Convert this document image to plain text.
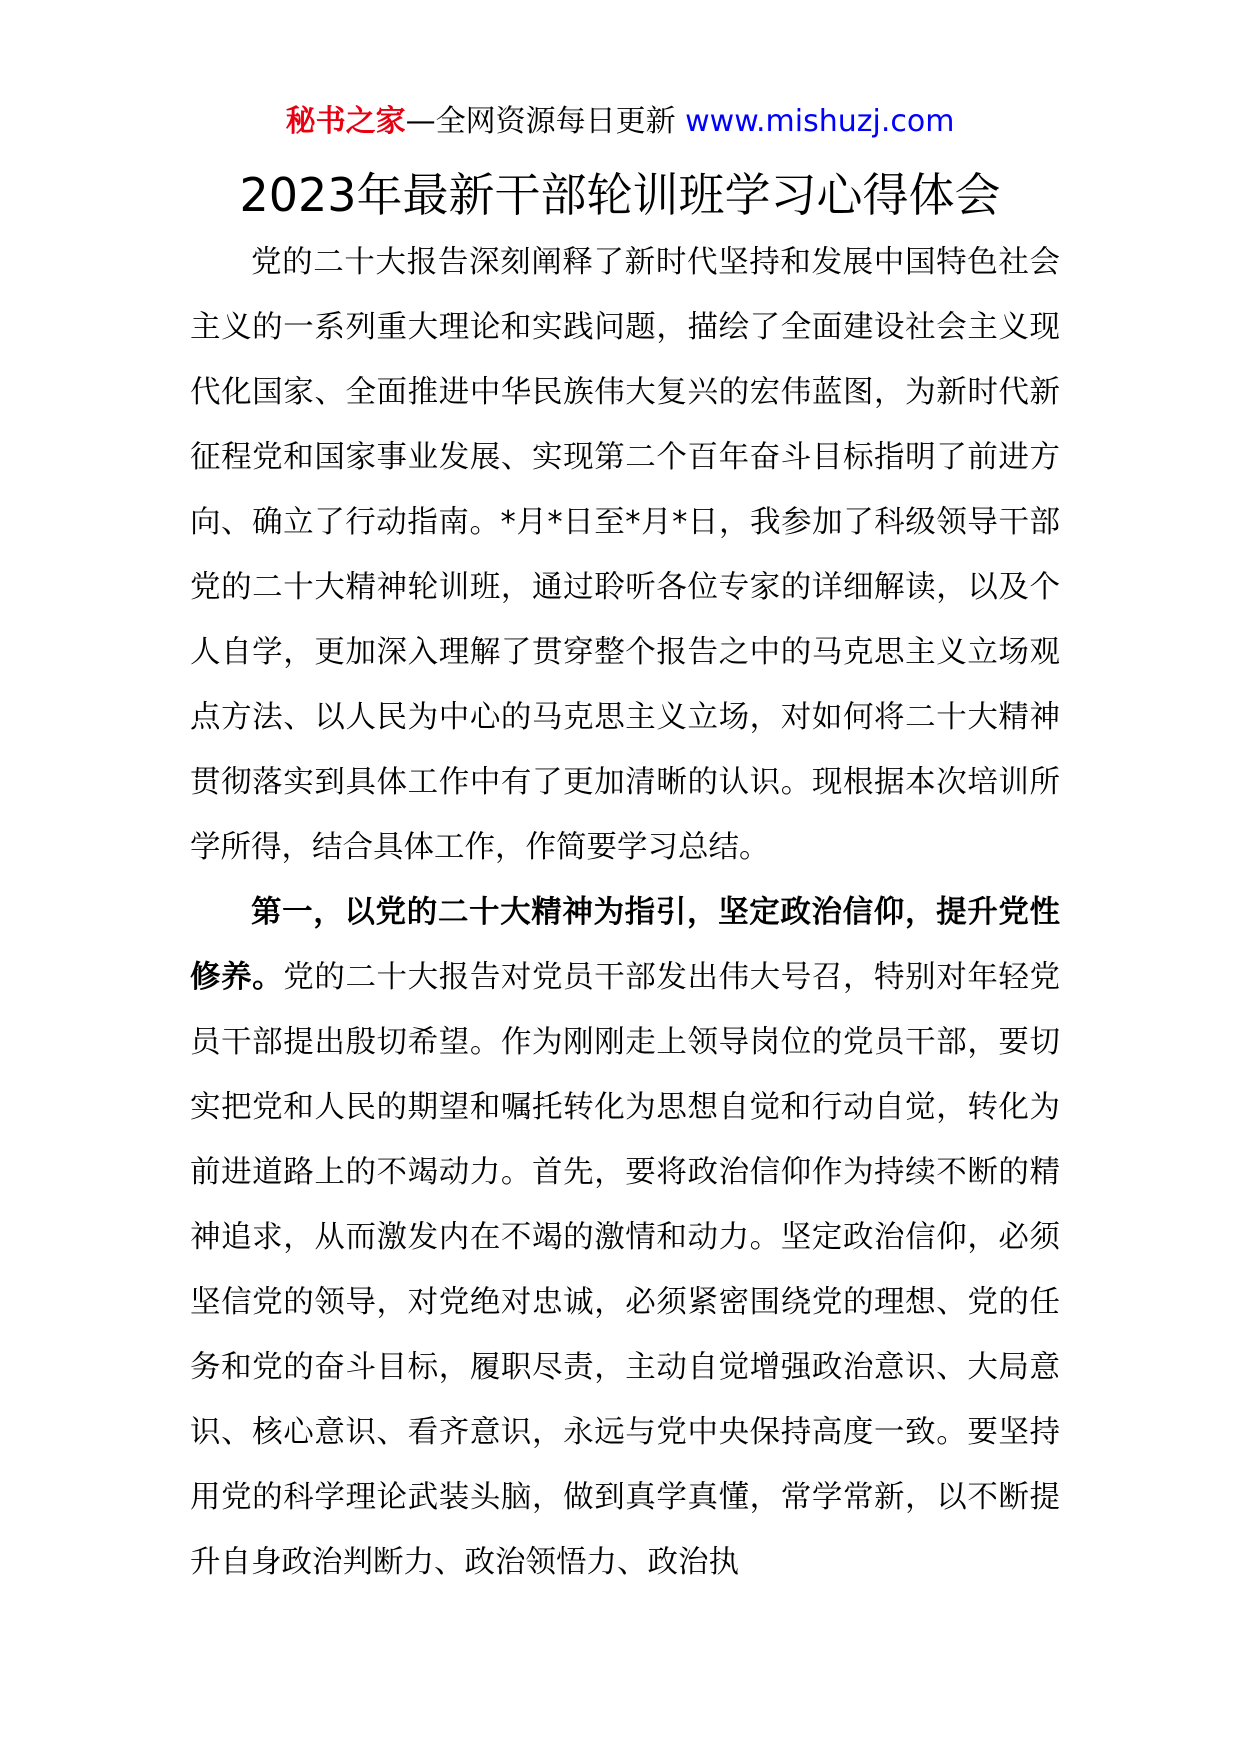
秘书之家—全网资源每日更新 www.mishuzj.com
2023年最新干部轮训班学习心得体会

党的二十大报告深刻阐释了新时代坚持和发展中国特色社会主义的一系列重大理论和实践问题，描绘了全面建设社会主义现代化国家、全面推进中华民族伟大复兴的宏伟蓝图，为新时代新征程党和国家事业发展、实现第二个百年奋斗目标指明了前进方向、确立了行动指南。*月*日至*月*日，我参加了科级领导干部党的二十大精神轮训班，通过聆听各位专家的详细解读，以及个人自学，更加深入理解了贯穿整个报告之中的马克思主义立场观点方法、以人民为中心的马克思主义立场，对如何将二十大精神贯彻落实到具体工作中有了更加清晰的认识。现根据本次培训所学所得，结合具体工作，作简要学习总结。

第一，以党的二十大精神为指引，坚定政治信仰，提升党性修养。党的二十大报告对党员干部发出伟大号召，特别对年轻党员干部提出殷切希望。作为刚刚走上领导岗位的党员干部，要切实把党和人民的期望和嘱托转化为思想自觉和行动自觉，转化为前进道路上的不竭动力。首先，要将政治信仰作为持续不断的精神追求，从而激发内在不竭的激情和动力。坚定政治信仰，必须坚信党的领导，对党绝对忠诚，必须紧密围绕党的理想、党的任务和党的奋斗目标，履职尽责，主动自觉增强政治意识、大局意识、核心意识、看齐意识，永远与党中央保持高度一致。要坚持用党的科学理论武装头脑，做到真学真懂，常学常新，以不断提升自身政治判断力、政治领悟力、政治执
